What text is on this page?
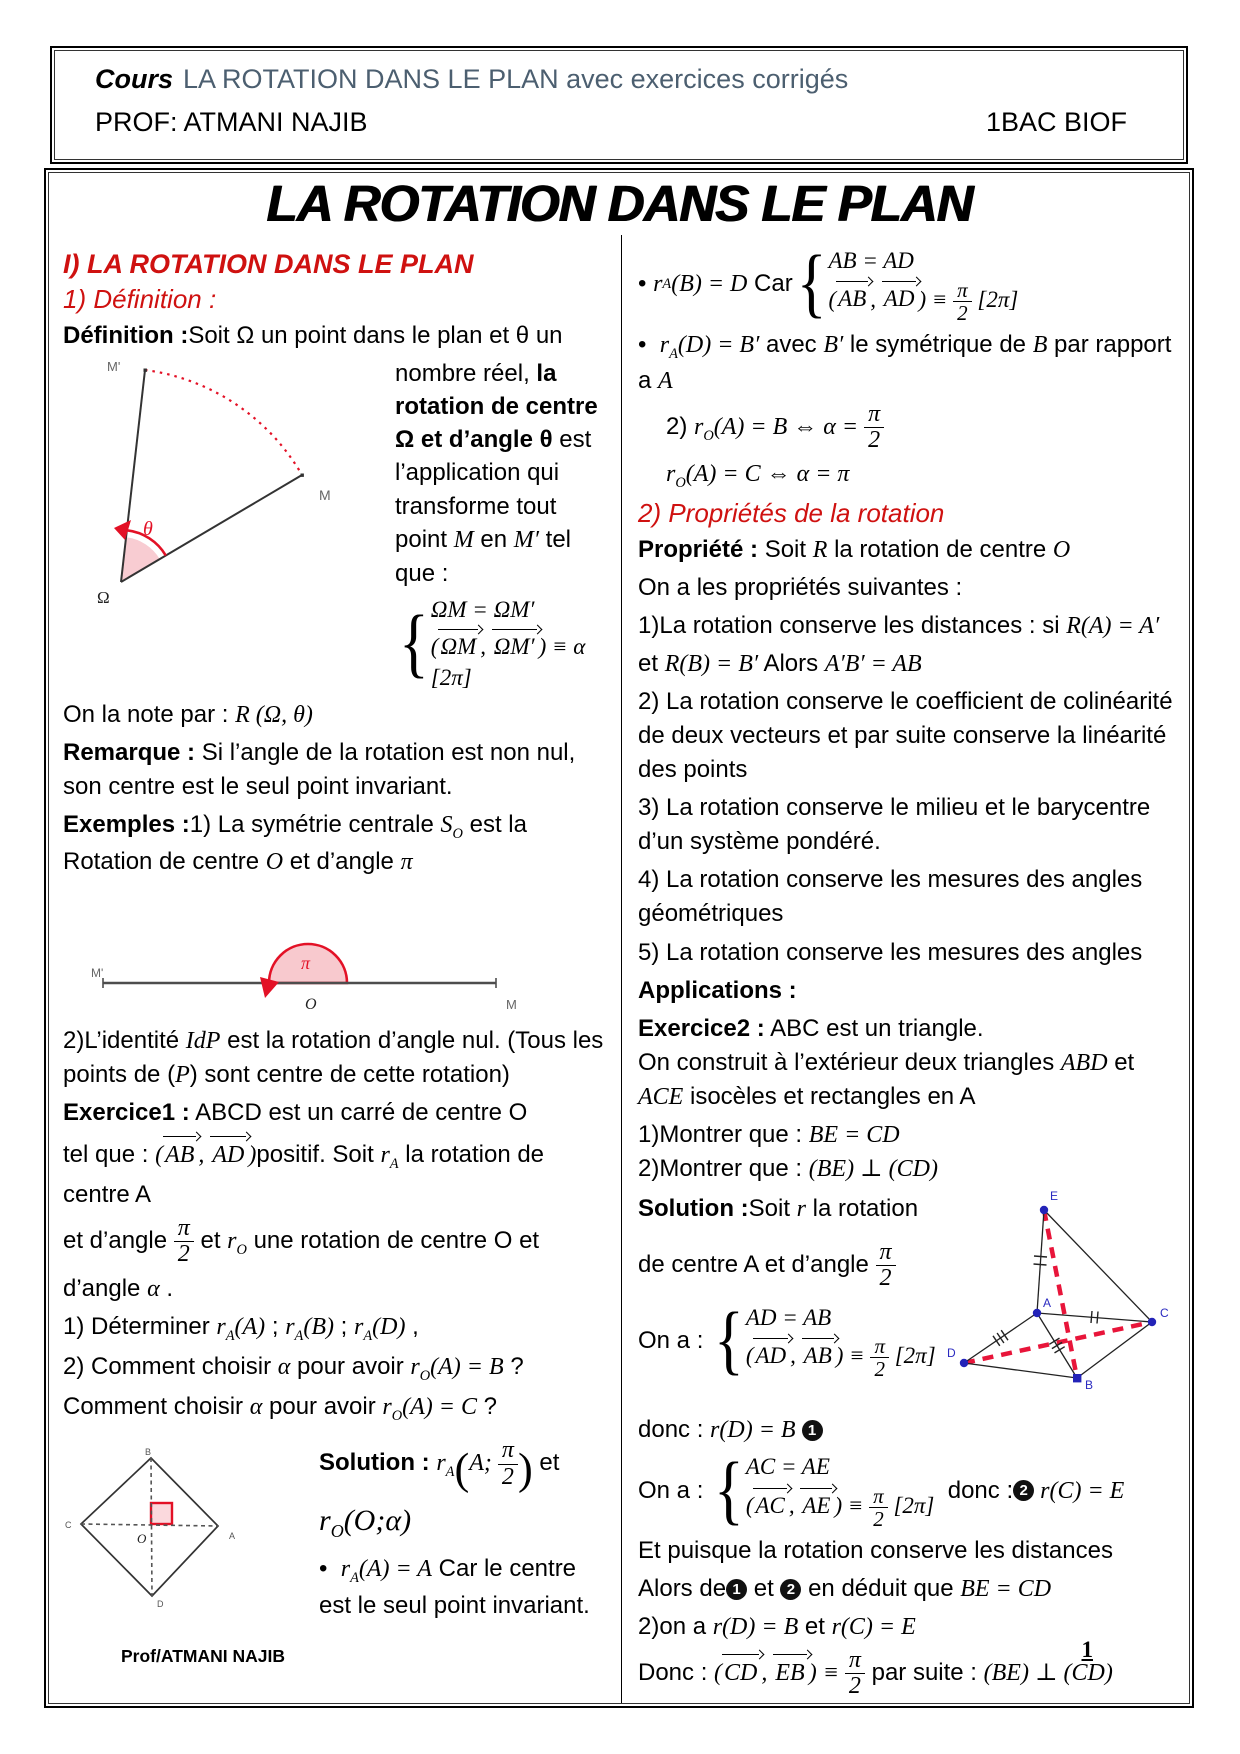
Cours LA ROTATION DANS LE PLAN avec exercices corrigés
PROF: ATMANI NAJIB	1BAC BIOF
LA ROTATION DANS LE PLAN
I) LA ROTATION DANS LE PLAN
1) Définition :

Définition :Soit Ω un point dans le plan et θ un

M'
M
Ω
θ
nombre réel, la rotation de centre Ω et d’angle θ est l’application qui transforme tout point M en M′ tel que :
{ ΩM = ΩM′
(ΩM , ΩM′ ) ≡ α [2π]

On la note par : R (Ω, θ)

Remarque : Si l’angle de la rotation est non nul, son centre est le seul point invariant.

Exemples :1) La symétrie centrale $S_O$ est la Rotation de centre O et d’angle π

π
M'
M
O

2)L’identité IdP est la rotation d’angle nul. (Tous les points de (P) sont centre de cette rotation)

Exercice1 : ABCD est un carré de centre O

tel que : (AB , AD )positif. Soit $r_A$ la rotation de

centre A

et d’angle $\frac{\pi}{2}$ et $r_O$ une rotation de centre O et

d’angle α .

1) Déterminer $r_A(A)$ ; $r_A(B)$ ; $r_A(D)$ ,

2) Comment choisir α pour avoir $r_O(A) = B$ ?

Comment choisir α pour avoir $r_O(A) = C$ ?

B
C
A
D
O

Solution : $r_A(A$; $\frac{\pi}{2}$ ) et

$r_O(O;\alpha)$

• $r_A(A) = A$ Car le centre est le seul point invariant.

•
r A (B) = D Car { AB = AD
(AB , AD ) ≡ $\frac{\pi}{2} [2\pi]$

• $r_A(D) = B'$ avec B′ le symétrique de B par rapport a A

2) $r_O(A) = B$ ⇔ $\alpha = \frac{\pi}{2}$

$r_O(A) = C$ ⇔ α = π

2) Propriétés de la rotation

Propriété : Soit R la rotation de centre O

On a les propriétés suivantes :

1)La rotation conserve les distances : si R(A) = A′

et R(B) = B′ Alors A′B′ = AB

2) La rotation conserve le coefficient de colinéarité de deux vecteurs et par suite conserve la linéarité des points

3) La rotation conserve le milieu et le barycentre d’un système pondéré.

4) La rotation conserve les mesures des angles géométriques

5) La rotation conserve les mesures des angles

Applications :

Exercice2 : ABC est un triangle.

On construit à l’extérieur deux triangles ABD et ACE isocèles et rectangles en A

1)Montrer que : BE = CD

2)Montrer que : (BE) ⊥ (CD)

E
A
C
D
B

Solution :Soit r la rotation

de centre A et d’angle $\frac{\pi}{2}$

On a : { AD = AB
(AD , AB ) ≡ $\frac{\pi}{2} [2\pi]$

donc : r(D) = B 1

On a : { AC = AE
(AC , AE ) ≡ $\frac{\pi}{2} [2\pi]$
donc : 2 r(C) = E

Et puisque la rotation conserve les distances

Alors de 1 et 2 en déduit que BE = CD

2)on a r(D) = B et r(C) = E

Donc : (CD , EB ) ≡ $\frac{\pi}{2}$ par suite : (BE) ⊥ (CD)

Prof/ATMANI NAJIB	1
